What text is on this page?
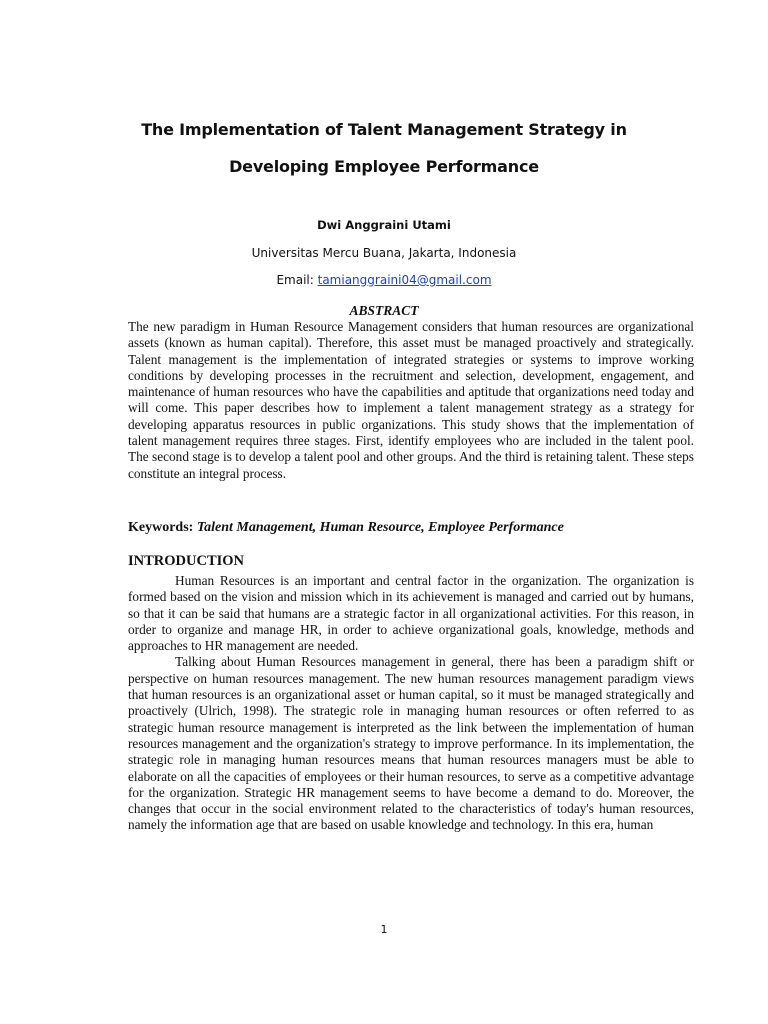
The Implementation of Talent Management Strategy in
Developing Employee Performance

Dwi Anggraini Utami

Universitas Mercu Buana, Jakarta, Indonesia

Email: tamianggraini04@gmail.com

ABSTRACT

The new paradigm in Human Resource Management considers that human resources are organizational assets (known as human capital). Therefore, this asset must be managed proactively and strategically. Talent management is the implementation of integrated strategies or systems to improve working conditions by developing processes in the recruitment and selection, development, engagement, and maintenance of human resources who have the capabilities and aptitude that organizations need today and will come. This paper describes how to implement a talent management strategy as a strategy for developing apparatus resources in public organizations. This study shows that the implementation of talent management requires three stages. First, identify employees who are included in the talent pool. The second stage is to develop a talent pool and other groups. And the third is retaining talent. These steps constitute an integral process.

Keywords: Talent Management, Human Resource, Employee Performance

INTRODUCTION

Human Resources is an important and central factor in the organization. The organization is formed based on the vision and mission which in its achievement is managed and carried out by humans, so that it can be said that humans are a strategic factor in all organizational activities. For this reason, in order to organize and manage HR, in order to achieve organizational goals, knowledge, methods and approaches to HR management are needed.

Talking about Human Resources management in general, there has been a paradigm shift or perspective on human resources management. The new human resources management paradigm views that human resources is an organizational asset or human capital, so it must be managed strategically and proactively (Ulrich, 1998). The strategic role in managing human resources or often referred to as strategic human resource management is interpreted as the link between the implementation of human resources management and the organization's strategy to improve performance. In its implementation, the strategic role in managing human resources means that human resources managers must be able to elaborate on all the capacities of employees or their human resources, to serve as a competitive advantage for the organization. Strategic HR management seems to have become a demand to do. Moreover, the changes that occur in the social environment related to the characteristics of today's human resources, namely the information age that are based on usable knowledge and technology. In this era, human

1
